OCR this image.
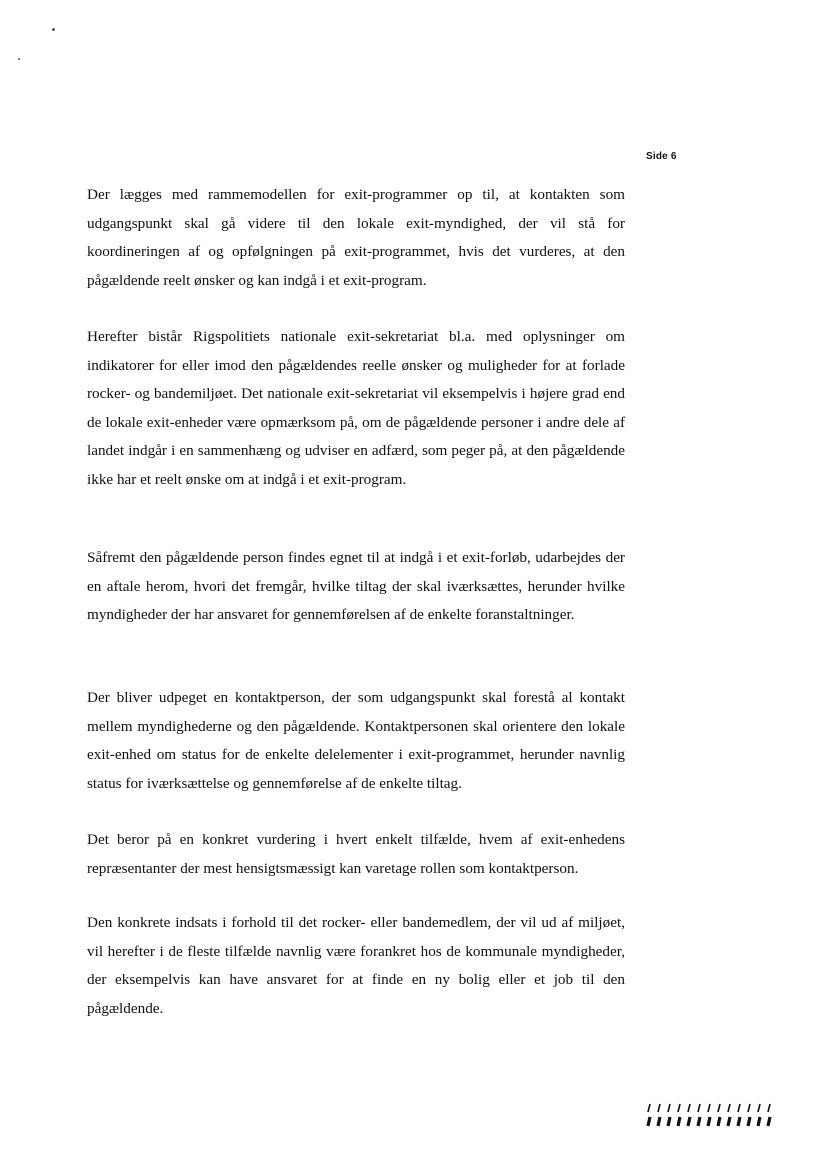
Side 6

Der lægges med rammemodellen for exit-programmer op til, at kontakten som udgangspunkt skal gå videre til den lokale exit-myndighed, der vil stå for koordineringen af og opfølgningen på exit-programmet, hvis det vurderes, at den pågældende reelt ønsker og kan indgå i et exit-program.

Herefter bistår Rigspolitiets nationale exit-sekretariat bl.a. med oplysninger om indikatorer for eller imod den pågældendes reelle ønsker og muligheder for at forlade rocker- og bandemiljøet. Det nationale exit-sekretariat vil eksempelvis i højere grad end de lokale exit-enheder være opmærksom på, om de pågældende personer i andre dele af landet indgår i en sammenhæng og udviser en adfærd, som peger på, at den pågældende ikke har et reelt ønske om at indgå i et exit-program.

Såfremt den pågældende person findes egnet til at indgå i et exit-forløb, udarbejdes der en aftale herom, hvori det fremgår, hvilke tiltag der skal iværksættes, herunder hvilke myndigheder der har ansvaret for gennemførelsen af de enkelte foranstaltninger.

Der bliver udpeget en kontaktperson, der som udgangspunkt skal forestå al kontakt mellem myndighederne og den pågældende. Kontaktpersonen skal orientere den lokale exit-enhed om status for de enkelte delelementer i exit-programmet, herunder navnlig status for iværksættelse og gennemførelse af de enkelte tiltag.

Det beror på en konkret vurdering i hvert enkelt tilfælde, hvem af exit-enhedens repræsentanter der mest hensigtsmæssigt kan varetage rollen som kontaktperson.

Den konkrete indsats i forhold til det rocker- eller bandemedlem, der vil ud af miljøet, vil herefter i de fleste tilfælde navnlig være forankret hos de kommunale myndigheder, der eksempelvis kan have ansvaret for at finde en ny bolig eller et job til den pågældende.
